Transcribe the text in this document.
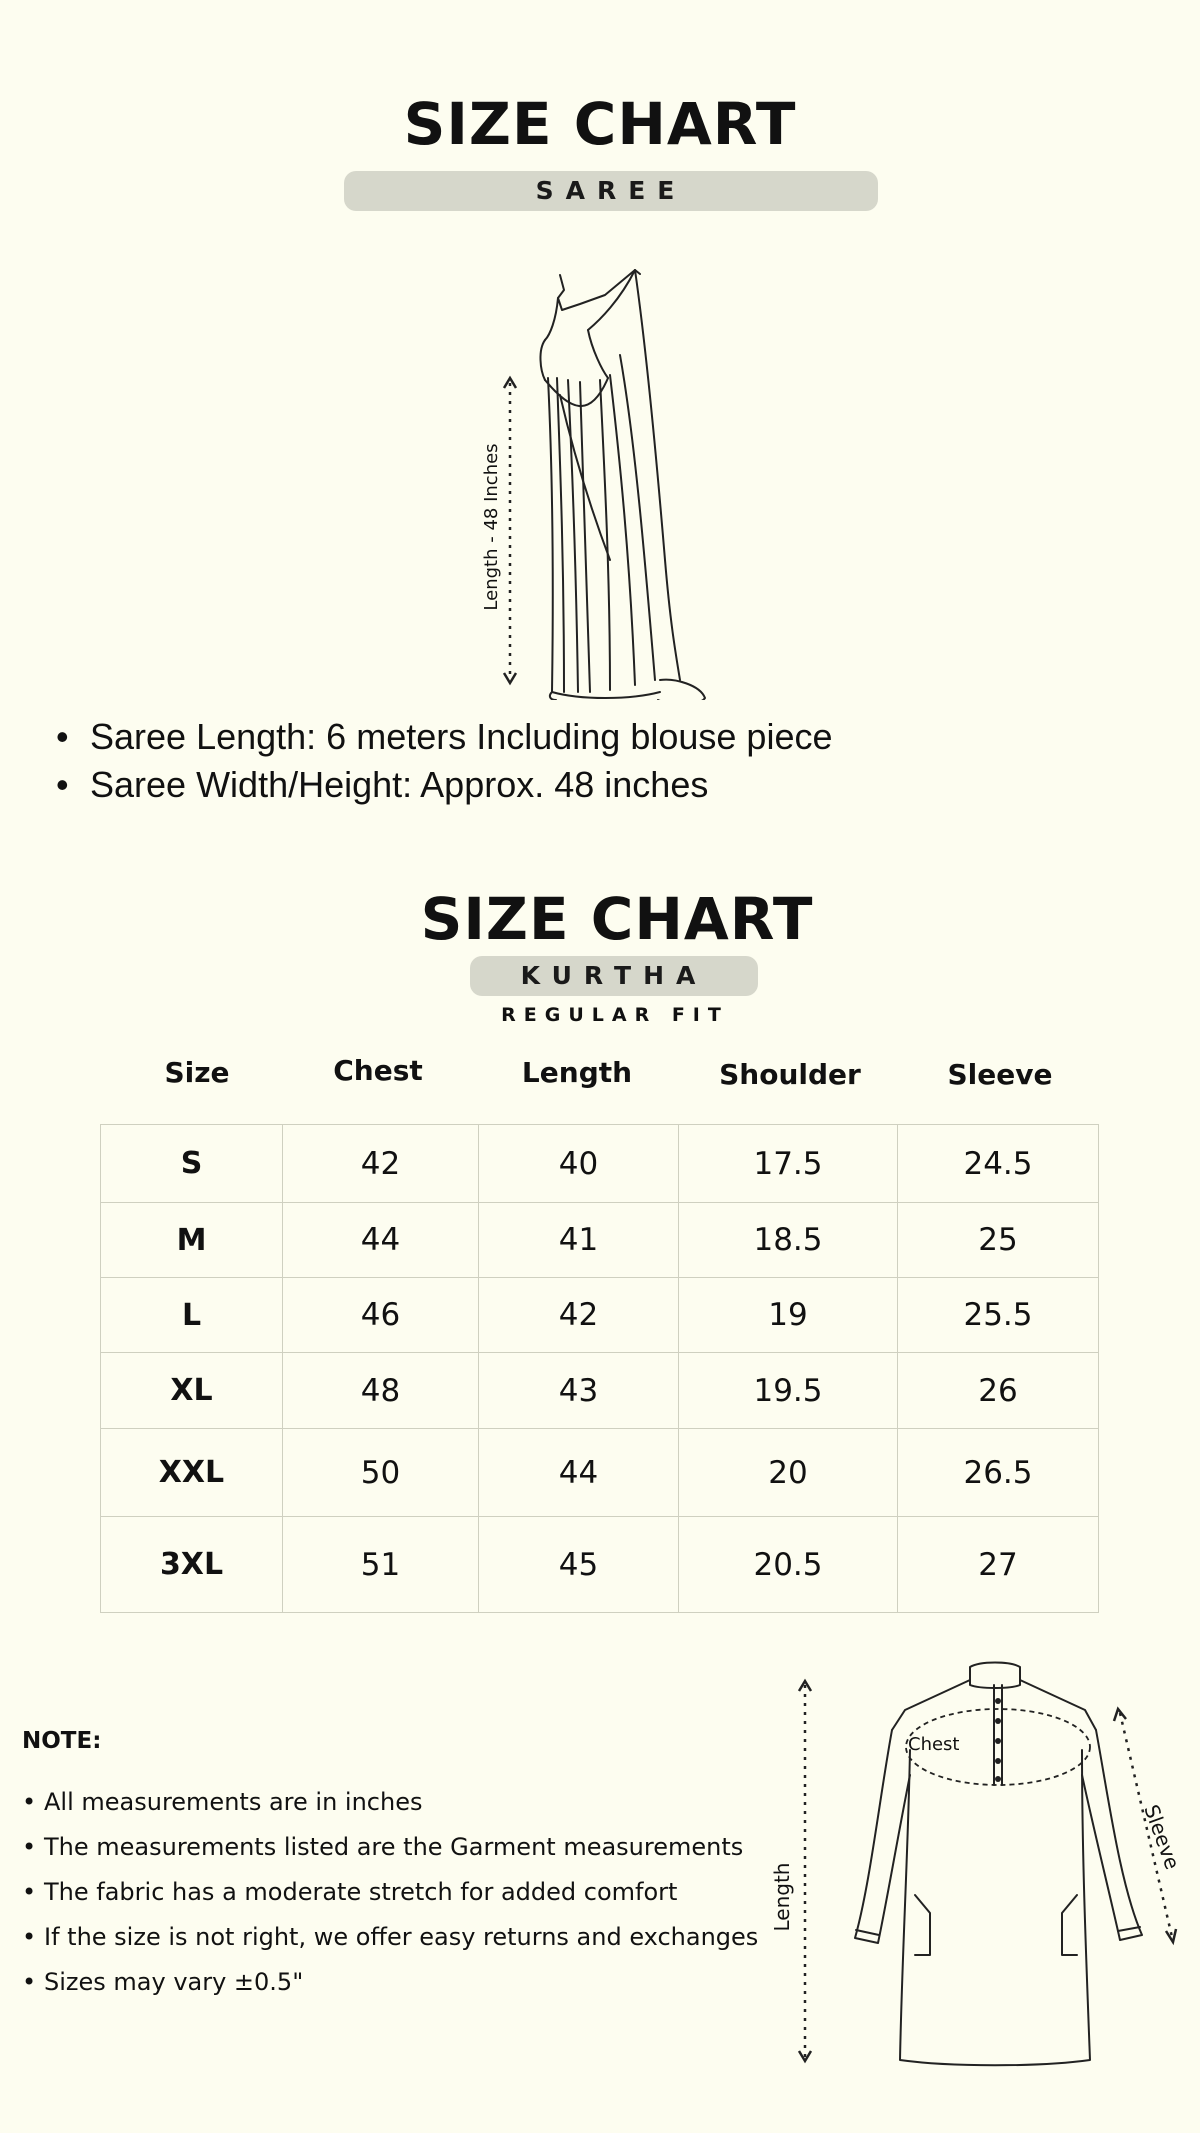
SIZE CHART
SAREE
Length - 48 Inches
• Saree Length: 6 meters Including blouse piece
• Saree Width/Height: Approx. 48 inches
SIZE CHART
KURTHA
REGULAR FIT
Size	Chest	Length	Shoulder	Sleeve
S	42	40	17.5	24.5
M	44	41	18.5	25
L	46	42	19	25.5
XL	48	43	19.5	26
XXL	50	44	20	26.5
3XL	51	45	20.5	27
NOTE:
• All measurements are in inches
• The measurements listed are the Garment measurements
• The fabric has a moderate stretch for added comfort
• If the size is not right, we offer easy returns and exchanges
• Sizes may vary ±0.5"
Chest
Length
Sleeve
